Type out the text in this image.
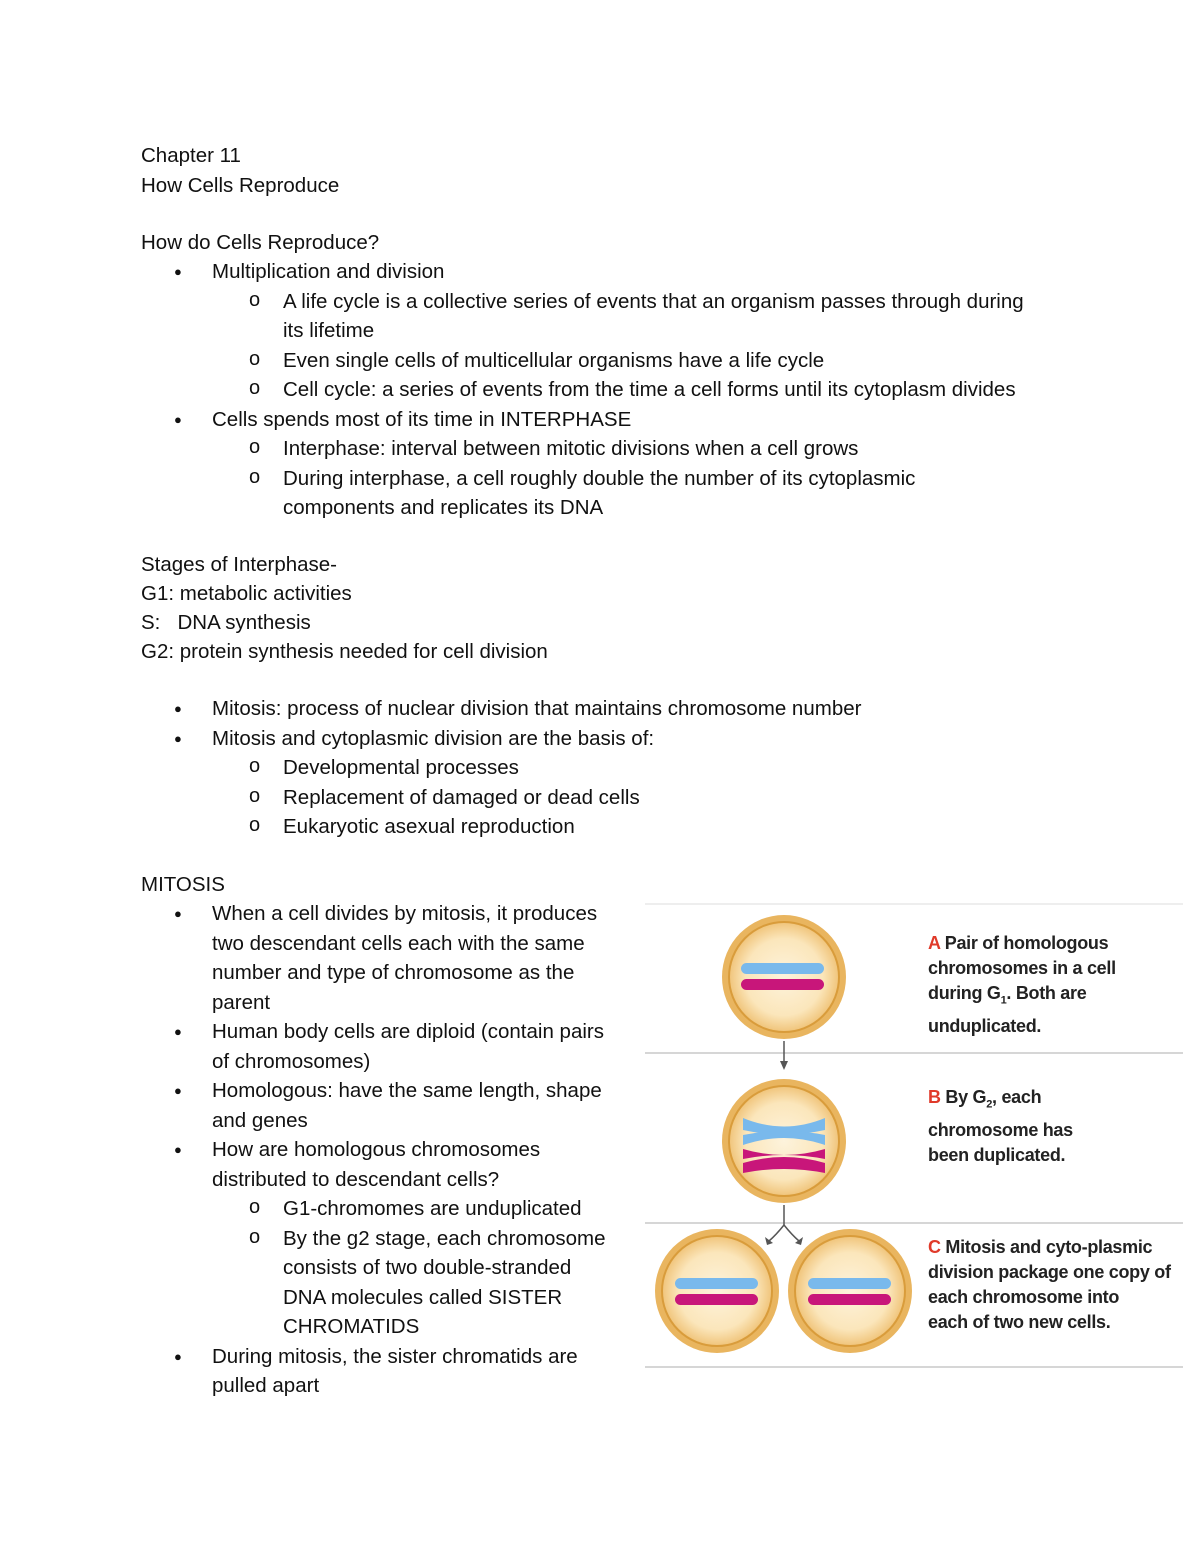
Chapter 11
How Cells Reproduce
How do Cells Reproduce?
● Multiplication and division
o A life cycle is a collective series of events that an organism passes through during
its lifetime
o Even single cells of multicellular organisms have a life cycle
o Cell cycle: a series of events from the time a cell forms until its cytoplasm divides
● Cells spends most of its time in INTERPHASE
o Interphase: interval between mitotic divisions when a cell grows
o During interphase, a cell roughly double the number of its cytoplasmic
components and replicates its DNA
Stages of Interphase-
G1: metabolic activities
S:   DNA synthesis
G2: protein synthesis needed for cell division
● Mitosis: process of nuclear division that maintains chromosome number
● Mitosis and cytoplasmic division are the basis of:
o Developmental processes
o Replacement of damaged or dead cells
o Eukaryotic asexual reproduction
MITOSIS
● When a cell divides by mitosis, it produces
two descendant cells each with the same
number and type of chromosome as the
parent
● Human body cells are diploid (contain pairs
of chromosomes)
● Homologous: have the same length, shape
and genes
● How are homologous chromosomes
distributed to descendant cells?
o G1-chromomes are unduplicated
o By the g2 stage, each chromosome
consists of two double-stranded
DNA molecules called SISTER
CHROMATIDS
● During mitosis, the sister chromatids are
pulled apart
A Pair of homologous
chromosomes in a cell
during $G_1$. Both are
unduplicated.
B By $G_2$, each
chromosome has
been duplicated.
C Mitosis and cyto-plasmic
division package one copy of
each chromosome into
each of two new cells.
